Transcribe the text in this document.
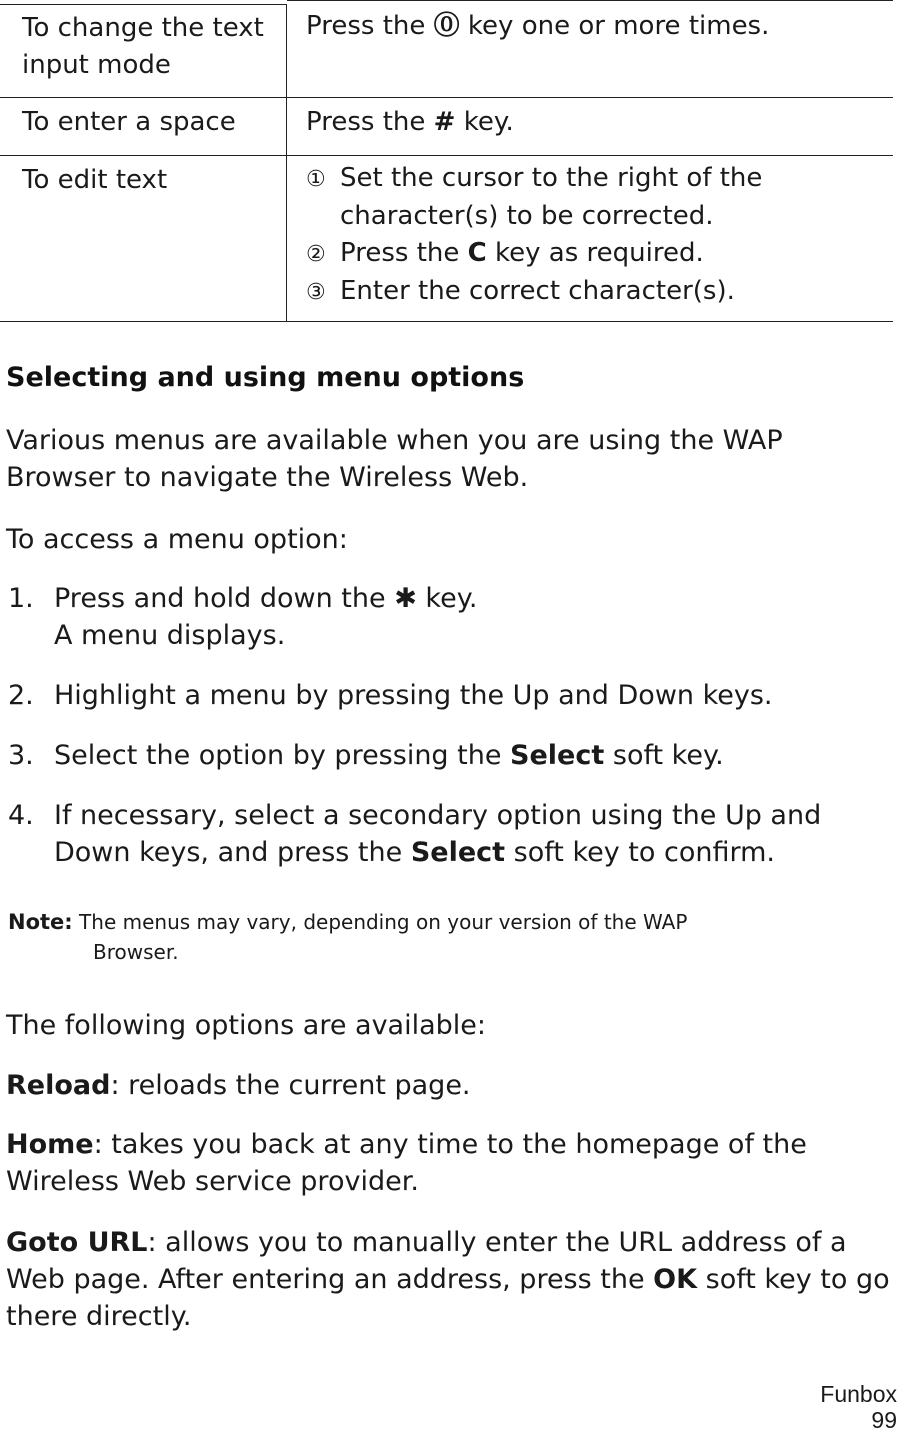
To change the text input mode
Press the ⓪ key one or more times.
To enter a space	Press the # key.
To edit text	① Set the cursor to the right of the
character(s) to be corrected.
② Press the C key as required.
③ Enter the correct character(s).
Selecting and using menu options
Various menus are available when you are using the WAP Browser to navigate the Wireless Web.
To access a menu option:
1. Press and hold down the ✱ key.
A menu displays.
2. Highlight a menu by pressing the Up and Down keys.
3. Select the option by pressing the Select soft key.
4. If necessary, select a secondary option using the Up and Down keys, and press the Select soft key to confirm.
Note: The menus may vary, depending on your version of the WAP
Browser.
The following options are available:
Reload: reloads the current page.
Home: takes you back at any time to the homepage of the Wireless Web service provider.
Goto URL: allows you to manually enter the URL address of a Web page. After entering an address, press the OK soft key to go there directly.
Funbox
99
